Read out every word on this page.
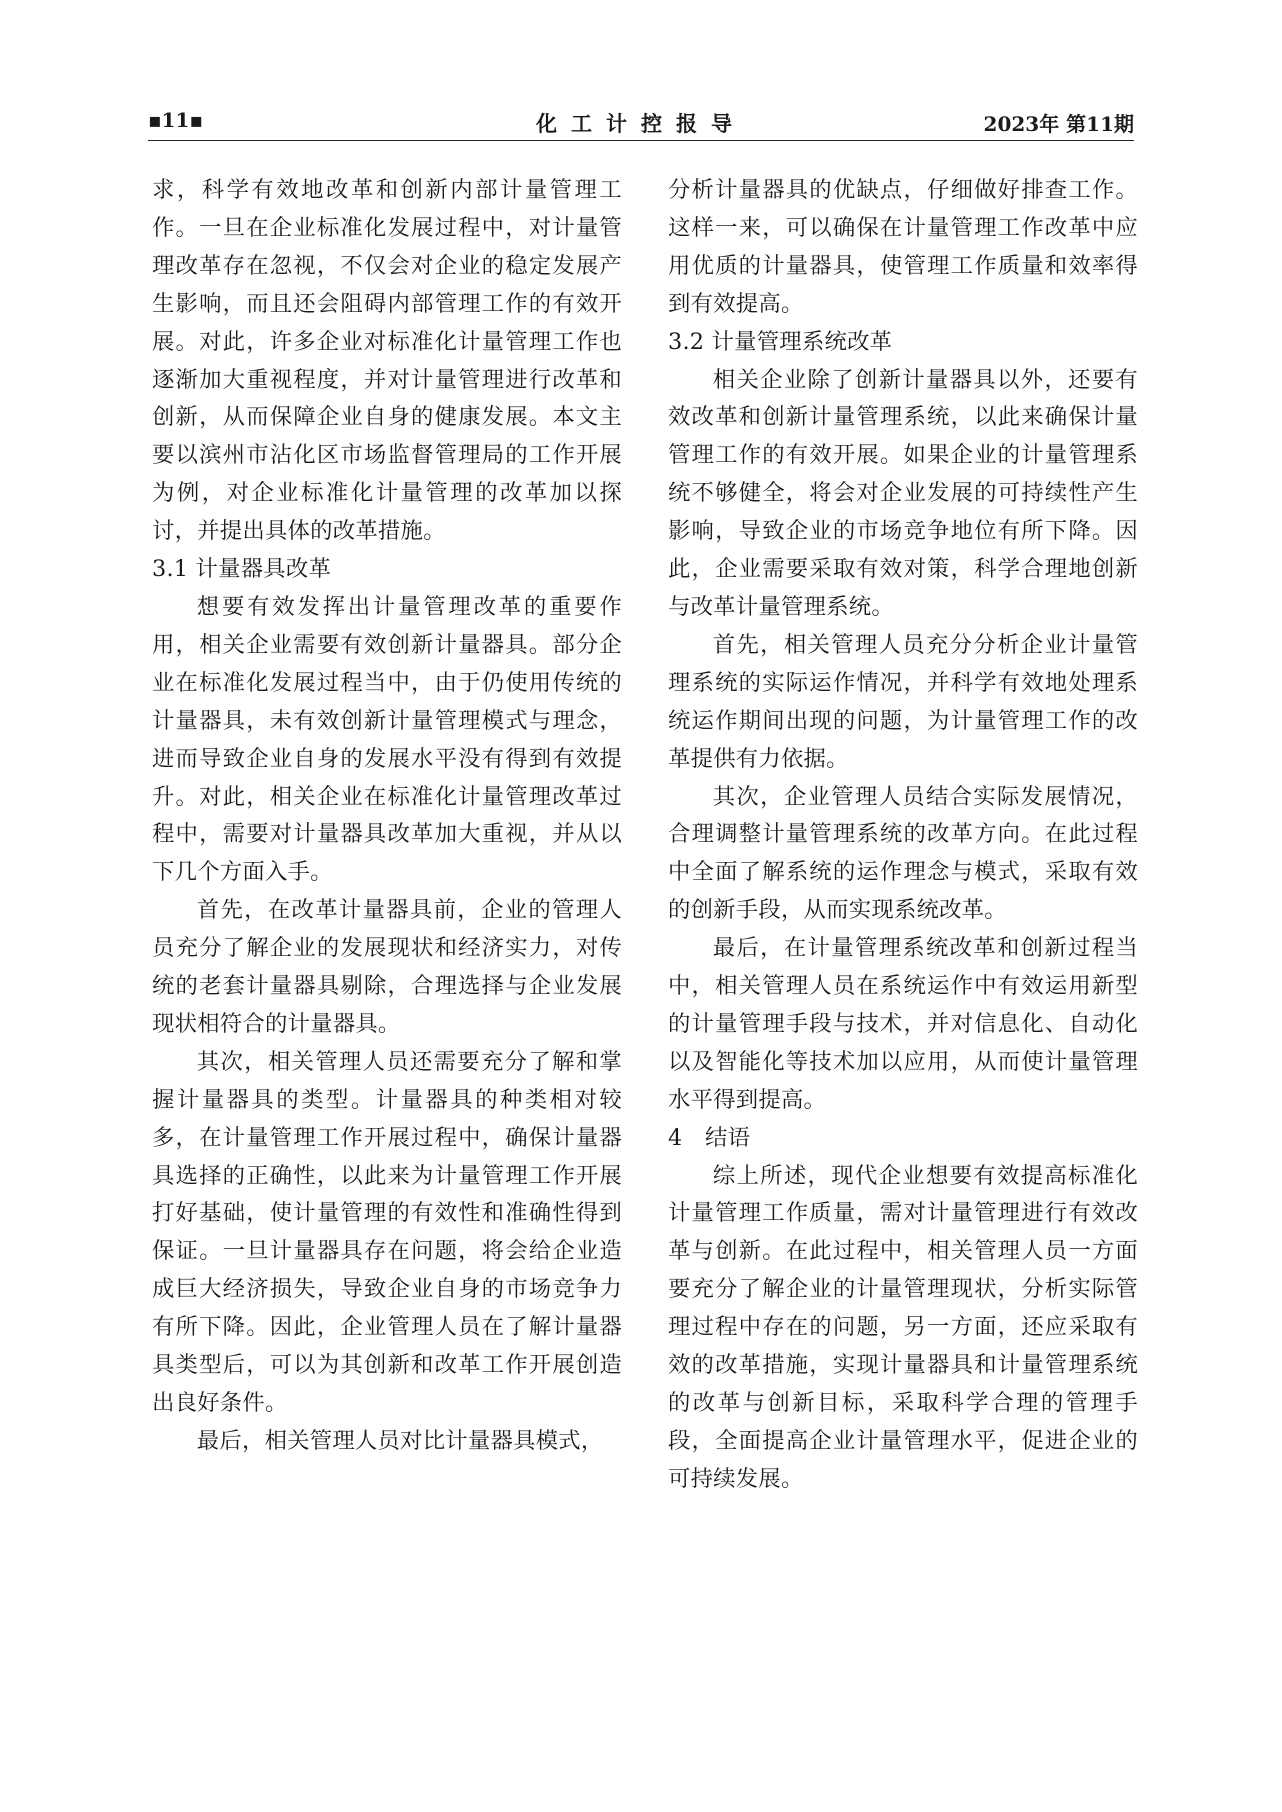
▪11▪	化工计控报导	2023年 第11期

求，科学有效地改革和创新内部计量管理工作。一旦在企业标准化发展过程中，对计量管理改革存在忽视，不仅会对企业的稳定发展产生影响，而且还会阻碍内部管理工作的有效开展。对此，许多企业对标准化计量管理工作也逐渐加大重视程度，并对计量管理进行改革和创新，从而保障企业自身的健康发展。本文主要以滨州市沾化区市场监督管理局的工作开展为例，对企业标准化计量管理的改革加以探讨，并提出具体的改革措施。

3.1 计量器具改革

想要有效发挥出计量管理改革的重要作用，相关企业需要有效创新计量器具。部分企业在标准化发展过程当中，由于仍使用传统的计量器具，未有效创新计量管理模式与理念，进而导致企业自身的发展水平没有得到有效提升。对此，相关企业在标准化计量管理改革过程中，需要对计量器具改革加大重视，并从以下几个方面入手。

首先，在改革计量器具前，企业的管理人员充分了解企业的发展现状和经济实力，对传统的老套计量器具剔除，合理选择与企业发展现状相符合的计量器具。

其次，相关管理人员还需要充分了解和掌握计量器具的类型。计量器具的种类相对较多，在计量管理工作开展过程中，确保计量器具选择的正确性，以此来为计量管理工作开展打好基础，使计量管理的有效性和准确性得到保证。一旦计量器具存在问题，将会给企业造成巨大经济损失，导致企业自身的市场竞争力有所下降。因此，企业管理人员在了解计量器具类型后，可以为其创新和改革工作开展创造出良好条件。

最后，相关管理人员对比计量器具模式，

分析计量器具的优缺点，仔细做好排查工作。这样一来，可以确保在计量管理工作改革中应用优质的计量器具，使管理工作质量和效率得到有效提高。

3.2 计量管理系统改革

相关企业除了创新计量器具以外，还要有效改革和创新计量管理系统，以此来确保计量管理工作的有效开展。如果企业的计量管理系统不够健全，将会对企业发展的可持续性产生影响，导致企业的市场竞争地位有所下降。因此，企业需要采取有效对策，科学合理地创新与改革计量管理系统。

首先，相关管理人员充分分析企业计量管理系统的实际运作情况，并科学有效地处理系统运作期间出现的问题，为计量管理工作的改革提供有力依据。

其次，企业管理人员结合实际发展情况，合理调整计量管理系统的改革方向。在此过程中全面了解系统的运作理念与模式，采取有效的创新手段，从而实现系统改革。

最后，在计量管理系统改革和创新过程当中，相关管理人员在系统运作中有效运用新型的计量管理手段与技术，并对信息化、自动化以及智能化等技术加以应用，从而使计量管理水平得到提高。

4　结语

综上所述，现代企业想要有效提高标准化计量管理工作质量，需对计量管理进行有效改革与创新。在此过程中，相关管理人员一方面要充分了解企业的计量管理现状，分析实际管理过程中存在的问题，另一方面，还应采取有效的改革措施，实现计量器具和计量管理系统的改革与创新目标，采取科学合理的管理手段，全面提高企业计量管理水平，促进企业的可持续发展。
